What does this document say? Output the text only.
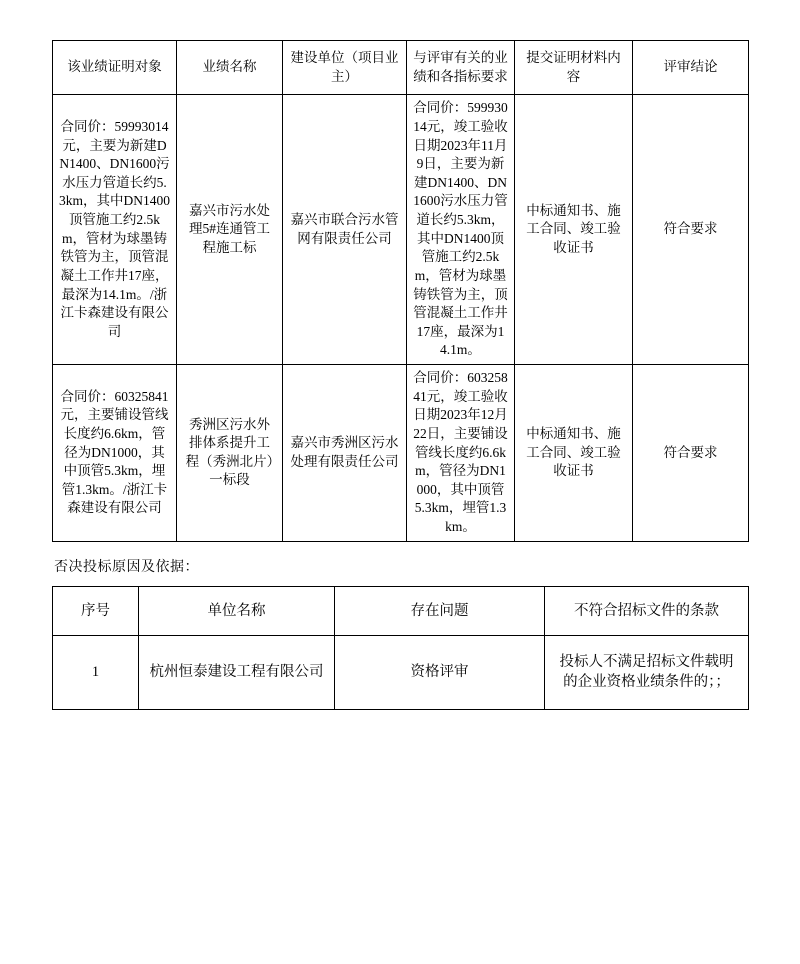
该业绩证明对象	业绩名称	建设单位（项目业主）	与评审有关的业绩和各指标要求	提交证明材料内容	评审结论
合同价：59993014元，主要为新建DN1400、DN1600污水压力管道长约5.3km，其中DN1400顶管施工约2.5km，管材为球墨铸铁管为主，顶管混凝土工作井17座，最深为14.1m。/浙江卡森建设有限公司	嘉兴市污水处理5#连通管工程施工标	嘉兴市联合污水管网有限责任公司	合同价：59993014元，竣工验收日期2023年11月9日，主要为新建DN1400、DN1600污水压力管道长约5.3km，其中DN1400顶管施工约2.5km，管材为球墨铸铁管为主，顶管混凝土工作井17座，最深为14.1m。	中标通知书、施工合同、竣工验收证书	符合要求
合同价：60325841元，主要铺设管线长度约6.6km，管径为DN1000，其中顶管5.3km，埋管1.3km。/浙江卡森建设有限公司	秀洲区污水外排体系提升工程（秀洲北片）一标段	嘉兴市秀洲区污水处理有限责任公司	合同价：60325841元，竣工验收日期2023年12月22日，主要铺设管线长度约6.6km，管径为DN1000，其中顶管5.3km，埋管1.3km。	中标通知书、施工合同、竣工验收证书	符合要求
否决投标原因及依据：
序号	单位名称	存在问题	不符合招标文件的条款
1	杭州恒泰建设工程有限公司	资格评审	投标人不满足招标文件载明的企业资格业绩条件的；；
